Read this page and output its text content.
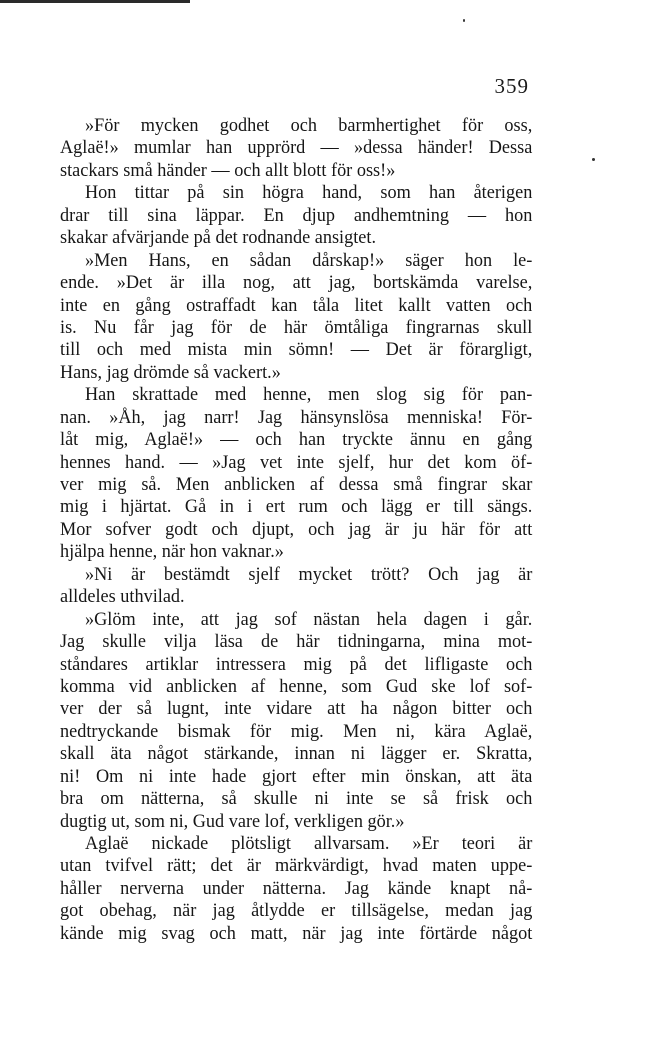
359
»För mycken godhet och barmhertighet för oss,
Aglaë!» mumlar han upprörd — »dessa händer! Dessa
stackars små händer — och allt blott för oss!»
Hon tittar på sin högra hand, som han återigen
drar till sina läppar. En djup andhemtning — hon
skakar afvärjande på det rodnande ansigtet.
»Men Hans, en sådan dårskap!» säger hon le-
ende. »Det är illa nog, att jag, bortskämda varelse,
inte en gång ostraffadt kan tåla litet kallt vatten och
is. Nu får jag för de här ömtåliga fingrarnas skull
till och med mista min sömn! — Det är förargligt,
Hans, jag drömde så vackert.»
Han skrattade med henne, men slog sig för pan-
nan. »Åh, jag narr! Jag hänsynslösa menniska! För-
låt mig, Aglaë!» — och han tryckte ännu en gång
hennes hand. — »Jag vet inte sjelf, hur det kom öf-
ver mig så. Men anblicken af dessa små fingrar skar
mig i hjärtat. Gå in i ert rum och lägg er till sängs.
Mor sofver godt och djupt, och jag är ju här för att
hjälpa henne, när hon vaknar.»
»Ni är bestämdt sjelf mycket trött? Och jag är
alldeles uthvilad.
»Glöm inte, att jag sof nästan hela dagen i går.
Jag skulle vilja läsa de här tidningarna, mina mot-
ståndares artiklar intressera mig på det lifligaste och
komma vid anblicken af henne, som Gud ske lof sof-
ver der så lugnt, inte vidare att ha någon bitter och
nedtryckande bismak för mig. Men ni, kära Aglaë,
skall äta något stärkande, innan ni lägger er. Skratta,
ni! Om ni inte hade gjort efter min önskan, att äta
bra om nätterna, så skulle ni inte se så frisk och
dugtig ut, som ni, Gud vare lof, verkligen gör.»
Aglaë nickade plötsligt allvarsam. »Er teori är
utan tvifvel rätt; det är märkvärdigt, hvad maten uppe-
håller nerverna under nätterna. Jag kände knapt nå-
got obehag, när jag åtlydde er tillsägelse, medan jag
kände mig svag och matt, när jag inte förtärde något
